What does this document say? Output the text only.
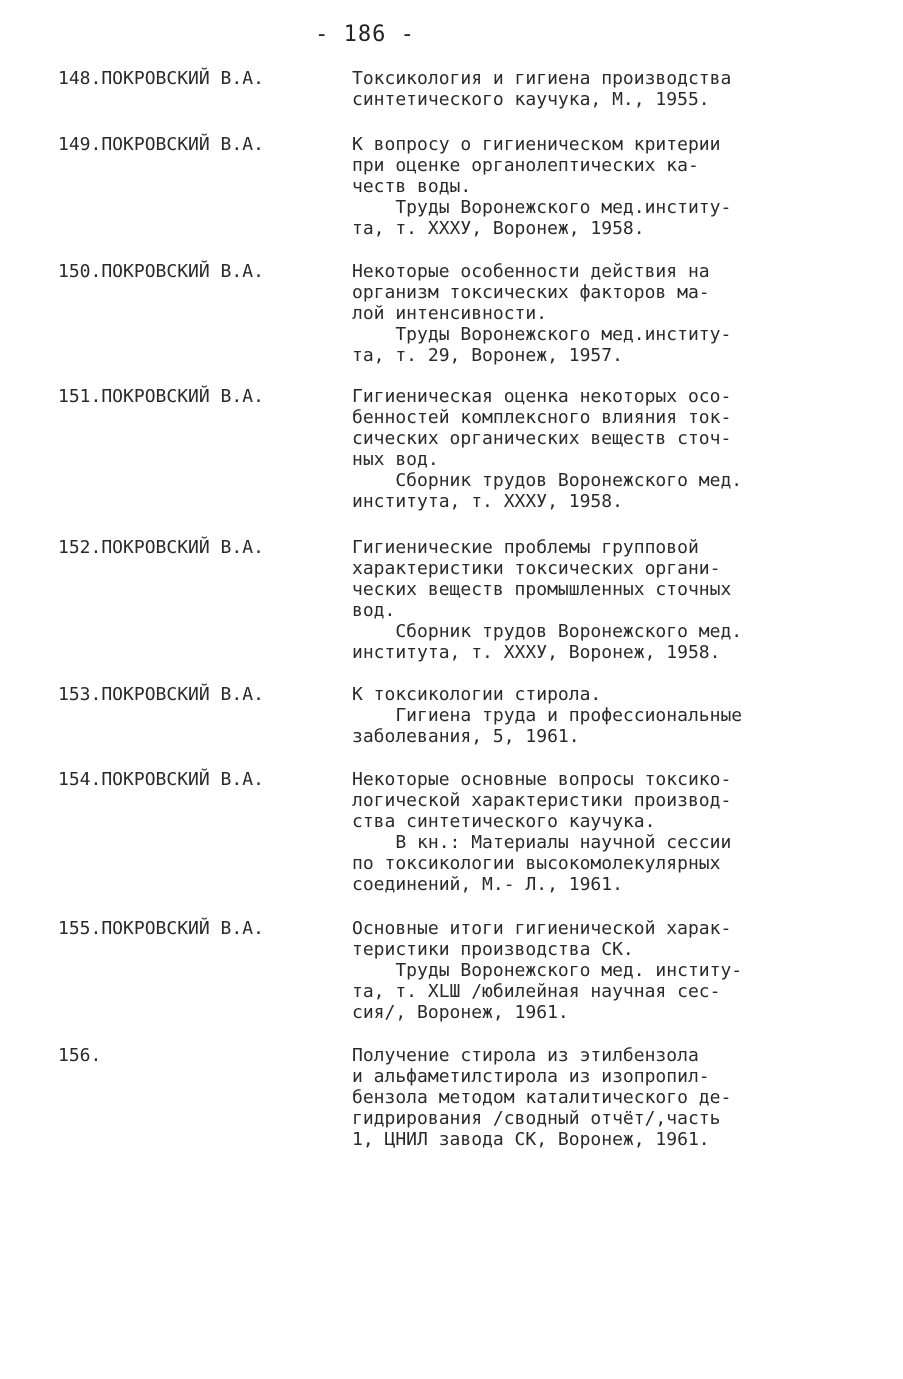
- 186 -
148.ПОКРОВСКИЙ В.А.	Токсикология и гигиена производства
синтетического каучука, М., 1955.
149.ПОКРОВСКИЙ В.А.	К вопросу о гигиеническом критерии
при оценке органолептических ка-
честв воды.
Труды Воронежского мед.институ-
та, т. XXXУ, Воронеж, 1958.
150.ПОКРОВСКИЙ В.А.	Некоторые особенности действия на
организм токсических факторов ма-
лой интенсивности.
Труды Воронежского мед.институ-
та, т. 29, Воронеж, 1957.
151.ПОКРОВСКИЙ В.А.	Гигиеническая оценка некоторых осо-
бенностей комплексного влияния ток-
сических органических веществ сточ-
ных вод.
Сборник трудов Воронежского мед.
института, т. XXXУ, 1958.
152.ПОКРОВСКИЙ В.А.	Гигиенические проблемы групповой
характеристики токсических органи-
ческих веществ промышленных сточных
вод.
Сборник трудов Воронежского мед.
института, т. XXXУ, Воронеж, 1958.
153.ПОКРОВСКИЙ В.А.	К токсикологии стирола.
Гигиена труда и профессиональные
заболевания, 5, 1961.
154.ПОКРОВСКИЙ В.А.	Некоторые основные вопросы токсико-
логической характеристики производ-
ства синтетического каучука.
В кн.: Материалы научной сессии
по токсикологии высокомолекулярных
соединений, М.- Л., 1961.
155.ПОКРОВСКИЙ В.А.	Основные итоги гигиенической харак-
теристики производства СК.
Труды Воронежского мед. институ-
та, т. XLШ /юбилейная научная сес-
сия/, Воронеж, 1961.
156.	Получение стирола из этилбензола
и альфаметилстирола из изопропил-
бензола методом каталитического де-
гидрирования /сводный отчёт/,часть
1, ЦНИЛ завода СК, Воронеж, 1961.
